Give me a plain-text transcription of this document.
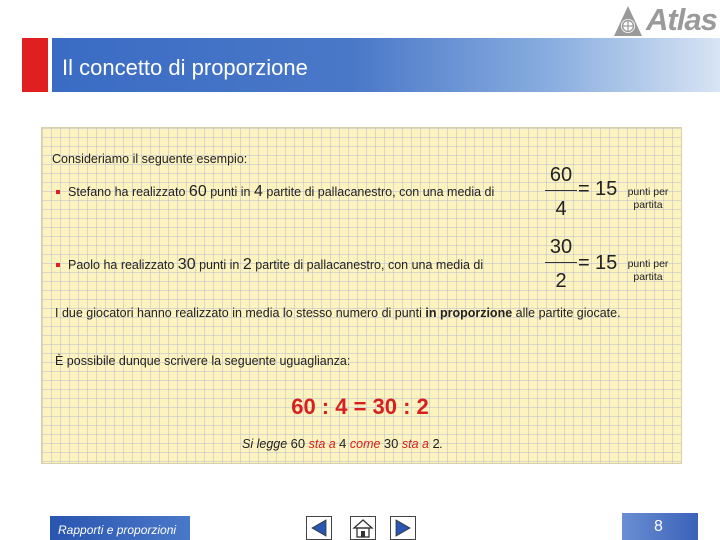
Atlas
Il concetto di proporzione
Consideriamo il seguente esempio:
Stefano ha realizzato 60 punti in 4 partite di pallacanestro, con una media di
60
4
= 15 punti per
partita
Paolo ha realizzato 30 punti in 2 partite di pallacanestro, con una media di
30
2
= 15 punti per
partita
I due giocatori hanno realizzato in media lo stesso numero di punti in proporzione alle partite giocate.
È possibile dunque scrivere la seguente uguaglianza:
60 : 4 = 30 : 2
Si legge 60 sta a 4 come 30 sta a 2.
Rapporti e proporzioni	8
